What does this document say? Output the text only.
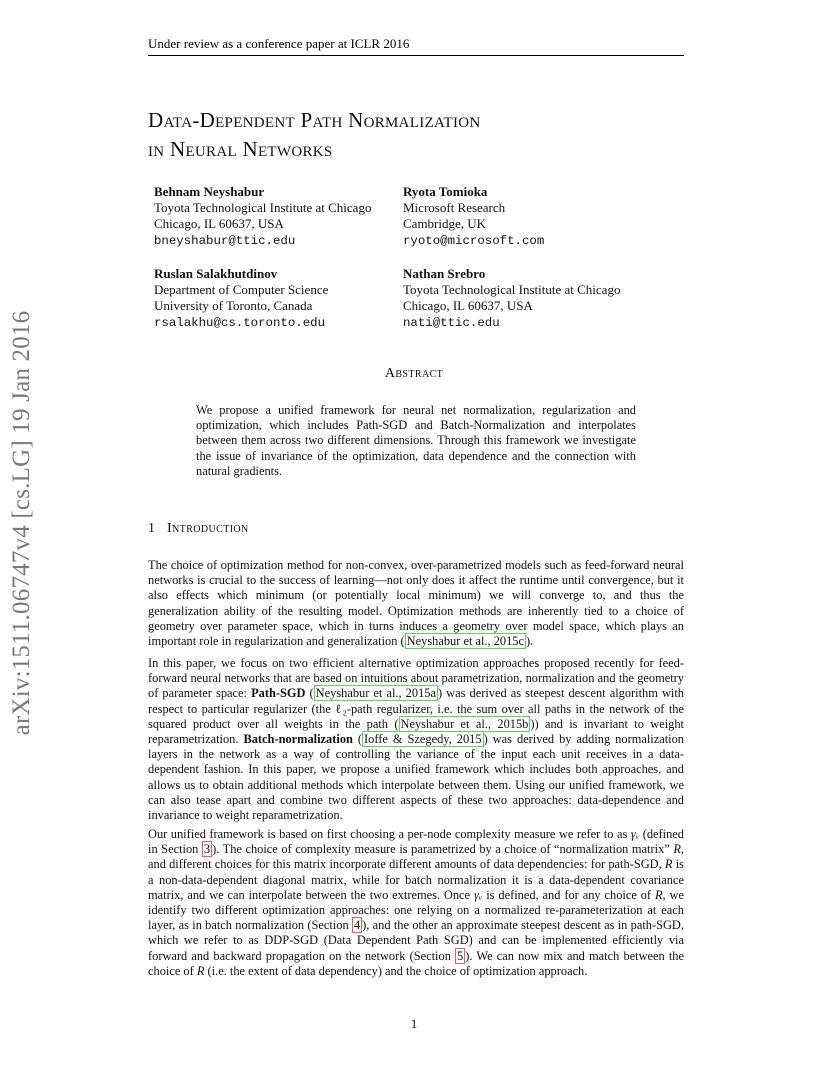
Under review as a conference paper at ICLR 2016
Data-Dependent Path Normalization
in Neural Networks
Behnam Neyshabur
Toyota Technological Institute at Chicago
Chicago, IL 60637, USA
bneyshabur@ttic.edu
Ryota Tomioka
Microsoft Research
Cambridge, UK
ryoto@microsoft.com
Ruslan Salakhutdinov
Department of Computer Science
University of Toronto, Canada
rsalakhu@cs.toronto.edu
Nathan Srebro
Toyota Technological Institute at Chicago
Chicago, IL 60637, USA
nati@ttic.edu
arXiv:1511.06747v4 [cs.LG] 19 Jan 2016	Abstract
We propose a unified framework for neural net normalization, regularization and optimization, which includes Path-SGD and Batch-Normalization and interpolates between them across two different dimensions. Through this framework we investigate the issue of invariance of the optimization, data dependence and the connection with natural gradients.
1 Introduction
The choice of optimization method for non-convex, over-parametrized models such as feed-forward neural networks is crucial to the success of learning—not only does it affect the runtime until convergence, but it also effects which minimum (or potentially local minimum) we will converge to, and thus the generalization ability of the resulting model. Optimization methods are inherently tied to a choice of geometry over parameter space, which in turns induces a geometry over model space, which plays an important role in regularization and generalization ( Neyshabur et al., 2015c ).
In this paper, we focus on two efficient alternative optimization approaches proposed recently for feed-forward neural networks that are based on intuitions about parametrization, normalization and the geometry of parameter space: Path-SGD ( Neyshabur et al., 2015a ) was derived as steepest descent algorithm with respect to particular regularizer (the ℓ₂-path regularizer, i.e. the sum over all paths in the network of the squared product over all weights in the path ( Neyshabur et al., 2015b )) and is invariant to weight reparametrization. Batch-normalization ( Ioffe & Szegedy, 2015 ) was derived by adding normalization layers in the network as a way of controlling the variance of the input each unit receives in a data-dependent fashion. In this paper, we propose a unified framework which includes both approaches, and allows us to obtain additional methods which interpolate between them. Using our unified framework, we can also tease apart and combine two different aspects of these two approaches: data-dependence and invariance to weight reparametrization.
Our unified framework is based on first choosing a per-node complexity measure we refer to as γᵥ (defined in Section 3 ). The choice of complexity measure is parametrized by a choice of “normalization matrix” R, and different choices for this matrix incorporate different amounts of data dependencies: for path-SGD, R is a non-data-dependent diagonal matrix, while for batch normalization it is a data-dependent covariance matrix, and we can interpolate between the two extremes. Once γᵥ is defined, and for any choice of R, we identify two different optimization approaches: one relying on a normalized re-parameterization at each layer, as in batch normalization (Section 4 ), and the other an approximate steepest descent as in path-SGD, which we refer to as DDP-SGD (Data Dependent Path SGD) and can be implemented efficiently via forward and backward propagation on the network (Section 5 ). We can now mix and match between the choice of R (i.e. the extent of data dependency) and the choice of optimization approach.
1
